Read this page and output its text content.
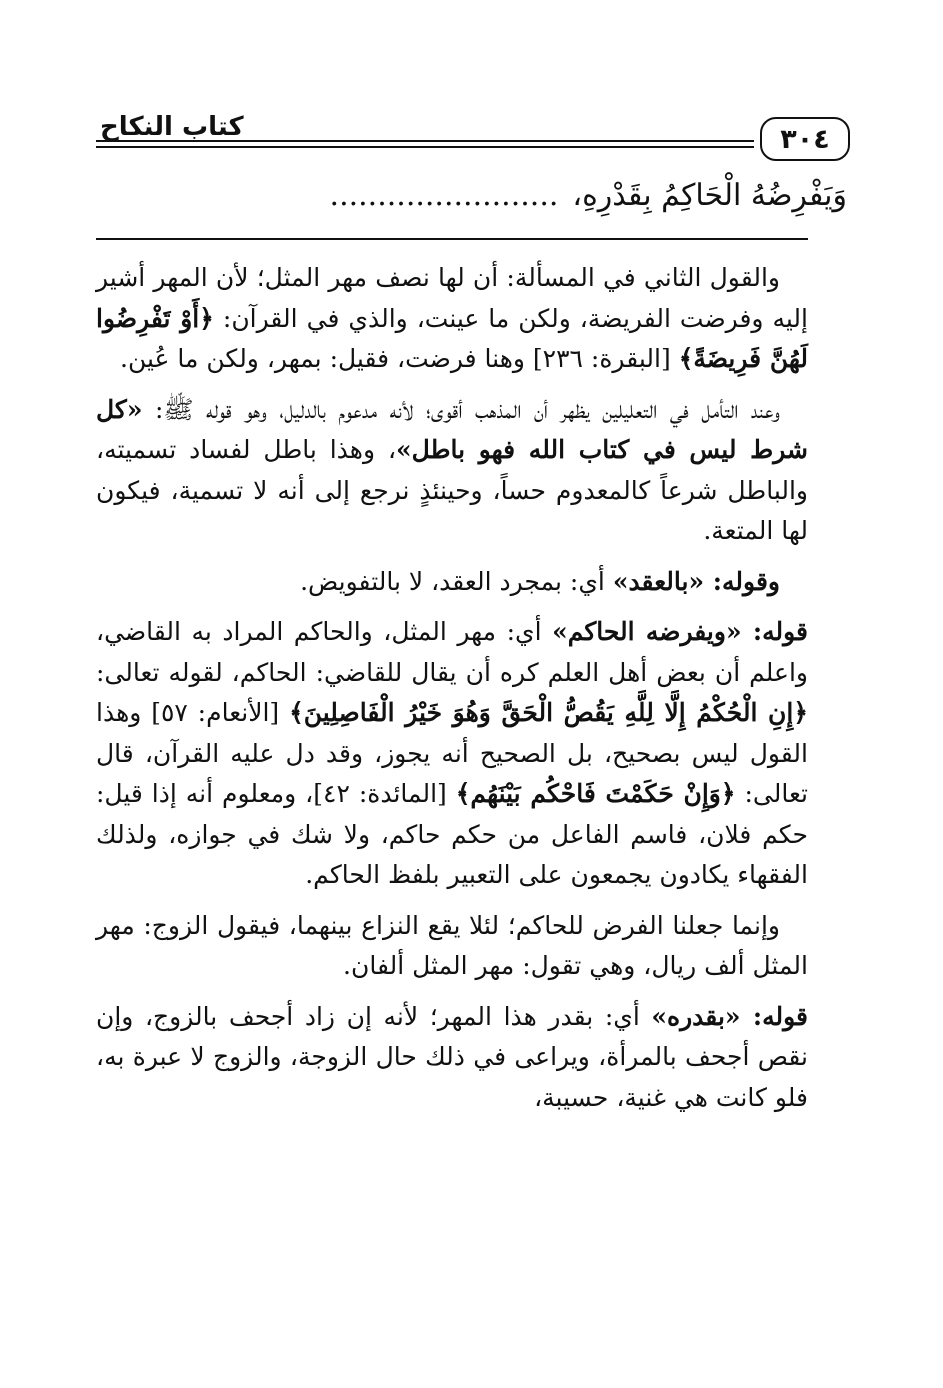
كتاب النكاح	٣٠٤
وَيَفْرِضُهُ الْحَاكِمُ بِقَدْرِهِ،........................

والقول الثاني في المسألة: أن لها نصف مهر المثل؛ لأن المهر أشير إليه وفرضت الفريضة، ولكن ما عينت، والذي في القرآن: ﴿أَوْ تَفْرِضُوا لَهُنَّ فَرِيضَةً﴾ [البقرة: ٢٣٦] وهنا فرضت، فقيل: بمهر، ولكن ما عُين.

وعند التأمل في التعليلين يظهر أن المذهب أقوى؛ لأنه مدعوم بالدليل، وهو قوله ﷺ: «كل شرط ليس في كتاب الله فهو باطل»، وهذا باطل لفساد تسميته، والباطل شرعاً كالمعدوم حساً، وحينئذٍ نرجع إلى أنه لا تسمية، فيكون لها المتعة.

وقوله: «بالعقد» أي: بمجرد العقد، لا بالتفويض.

قوله: «ويفرضه الحاكم» أي: مهر المثل، والحاكم المراد به القاضي، واعلم أن بعض أهل العلم كره أن يقال للقاضي: الحاكم، لقوله تعالى: ﴿إِنِ الْحُكْمُ إِلَّا لِلَّهِ يَقُصُّ الْحَقَّ وَهُوَ خَيْرُ الْفَاصِلِينَ﴾ [الأنعام: ٥٧] وهذا القول ليس بصحيح، بل الصحيح أنه يجوز، وقد دل عليه القرآن، قال تعالى: ﴿وَإِنْ حَكَمْتَ فَاحْكُم بَيْنَهُم﴾ [المائدة: ٤٢]، ومعلوم أنه إذا قيل: حكم فلان، فاسم الفاعل من حكم حاكم، ولا شك في جوازه، ولذلك الفقهاء يكادون يجمعون على التعبير بلفظ الحاكم.

وإنما جعلنا الفرض للحاكم؛ لئلا يقع النزاع بينهما، فيقول الزوج: مهر المثل ألف ريال، وهي تقول: مهر المثل ألفان.

قوله: «بقدره» أي: بقدر هذا المهر؛ لأنه إن زاد أجحف بالزوج، وإن نقص أجحف بالمرأة، ويراعى في ذلك حال الزوجة، والزوج لا عبرة به، فلو كانت هي غنية، حسيبة،
